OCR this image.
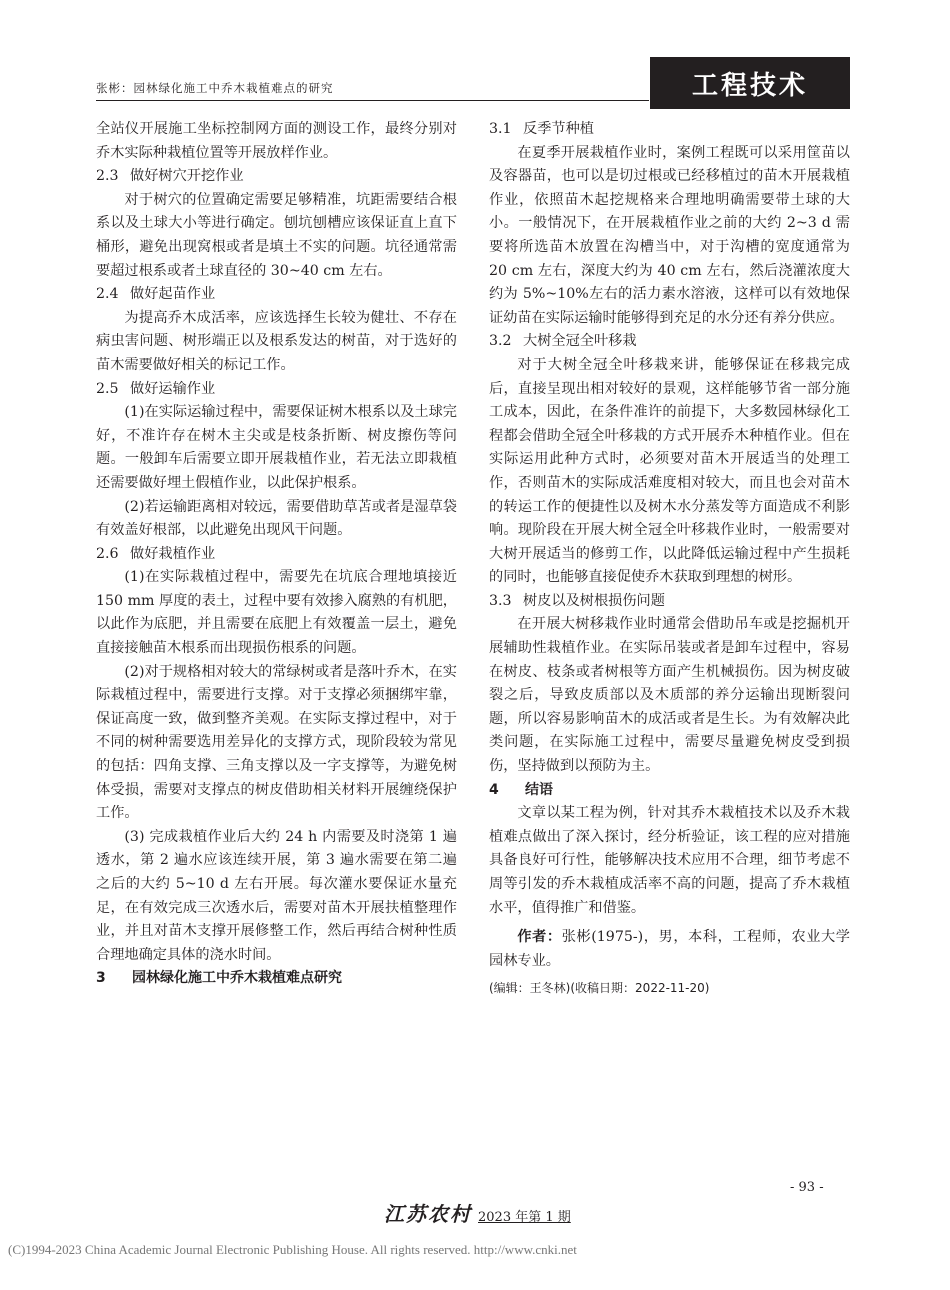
张彬：园林绿化施工中乔木栽植难点的研究	工程技术

全站仪开展施工坐标控制网方面的测设工作，最终分别对乔木实际种栽植位置等开展放样作业。

2.3 做好树穴开挖作业

对于树穴的位置确定需要足够精准，坑距需要结合根系以及土球大小等进行确定。刨坑刨槽应该保证直上直下桶形，避免出现窝根或者是填土不实的问题。坑径通常需要超过根系或者土球直径的 30~40 cm 左右。

2.4 做好起苗作业

为提高乔木成活率，应该选择生长较为健壮、不存在病虫害问题、树形端正以及根系发达的树苗，对于选好的苗木需要做好相关的标记工作。

2.5 做好运输作业

(1)在实际运输过程中，需要保证树木根系以及土球完好，不准许存在树木主尖或是枝条折断、树皮擦伤等问题。一般卸车后需要立即开展栽植作业，若无法立即栽植还需要做好埋土假植作业，以此保护根系。

(2)若运输距离相对较远，需要借助草苫或者是湿草袋有效盖好根部，以此避免出现风干问题。

2.6 做好栽植作业

(1)在实际栽植过程中，需要先在坑底合理地填接近 150 mm 厚度的表土，过程中要有效掺入腐熟的有机肥，以此作为底肥，并且需要在底肥上有效覆盖一层土，避免直接接触苗木根系而出现损伤根系的问题。

(2)对于规格相对较大的常绿树或者是落叶乔木，在实际栽植过程中，需要进行支撑。对于支撑必须捆绑牢靠，保证高度一致，做到整齐美观。在实际支撑过程中，对于不同的树种需要选用差异化的支撑方式，现阶段较为常见的包括：四角支撑、三角支撑以及一字支撑等，为避免树体受损，需要对支撑点的树皮借助相关材料开展缠绕保护工作。

(3) 完成栽植作业后大约 24 h 内需要及时浇第 1 遍透水，第 2 遍水应该连续开展，第 3 遍水需要在第二遍之后的大约 5~10 d 左右开展。每次灌水要保证水量充足，在有效完成三次透水后，需要对苗木开展扶植整理作业，并且对苗木支撑开展修整工作，然后再结合树种性质合理地确定具体的浇水时间。

3 园林绿化施工中乔木栽植难点研究

3.1 反季节种植

在夏季开展栽植作业时，案例工程既可以采用筐苗以及容器苗，也可以是切过根或已经移植过的苗木开展栽植作业，依照苗木起挖规格来合理地明确需要带土球的大小。一般情况下，在开展栽植作业之前的大约 2~3 d 需要将所选苗木放置在沟槽当中，对于沟槽的宽度通常为 20 cm 左右，深度大约为 40 cm 左右，然后浇灌浓度大约为 5%~10%左右的活力素水溶液，这样可以有效地保证幼苗在实际运输时能够得到充足的水分还有养分供应。

3.2 大树全冠全叶移栽

对于大树全冠全叶移栽来讲，能够保证在移栽完成后，直接呈现出相对较好的景观，这样能够节省一部分施工成本，因此，在条件准许的前提下，大多数园林绿化工程都会借助全冠全叶移栽的方式开展乔木种植作业。但在实际运用此种方式时，必须要对苗木开展适当的处理工作，否则苗木的实际成活难度相对较大，而且也会对苗木的转运工作的便捷性以及树木水分蒸发等方面造成不利影响。现阶段在开展大树全冠全叶移栽作业时，一般需要对大树开展适当的修剪工作，以此降低运输过程中产生损耗的同时，也能够直接促使乔木获取到理想的树形。

3.3 树皮以及树根损伤问题

在开展大树移栽作业时通常会借助吊车或是挖掘机开展辅助性栽植作业。在实际吊装或者是卸车过程中，容易在树皮、枝条或者树根等方面产生机械损伤。因为树皮破裂之后，导致皮质部以及木质部的养分运输出现断裂问题，所以容易影响苗木的成活或者是生长。为有效解决此类问题，在实际施工过程中，需要尽量避免树皮受到损伤，坚持做到以预防为主。

4 结语

文章以某工程为例，针对其乔木栽植技术以及乔木栽植难点做出了深入探讨，经分析验证，该工程的应对措施具备良好可行性，能够解决技术应用不合理，细节考虑不周等引发的乔木栽植成活率不高的问题，提高了乔木栽植水平，值得推广和借鉴。

作者：张彬(1975-)，男，本科，工程师，农业大学园林专业。

(编辑：王冬林)(收稿日期：2022-11-20)

- 93 -
江苏农村 2023 年第 1 期
(C)1994-2023 China Academic Journal Electronic Publishing House. All rights reserved. http://www.cnki.net
